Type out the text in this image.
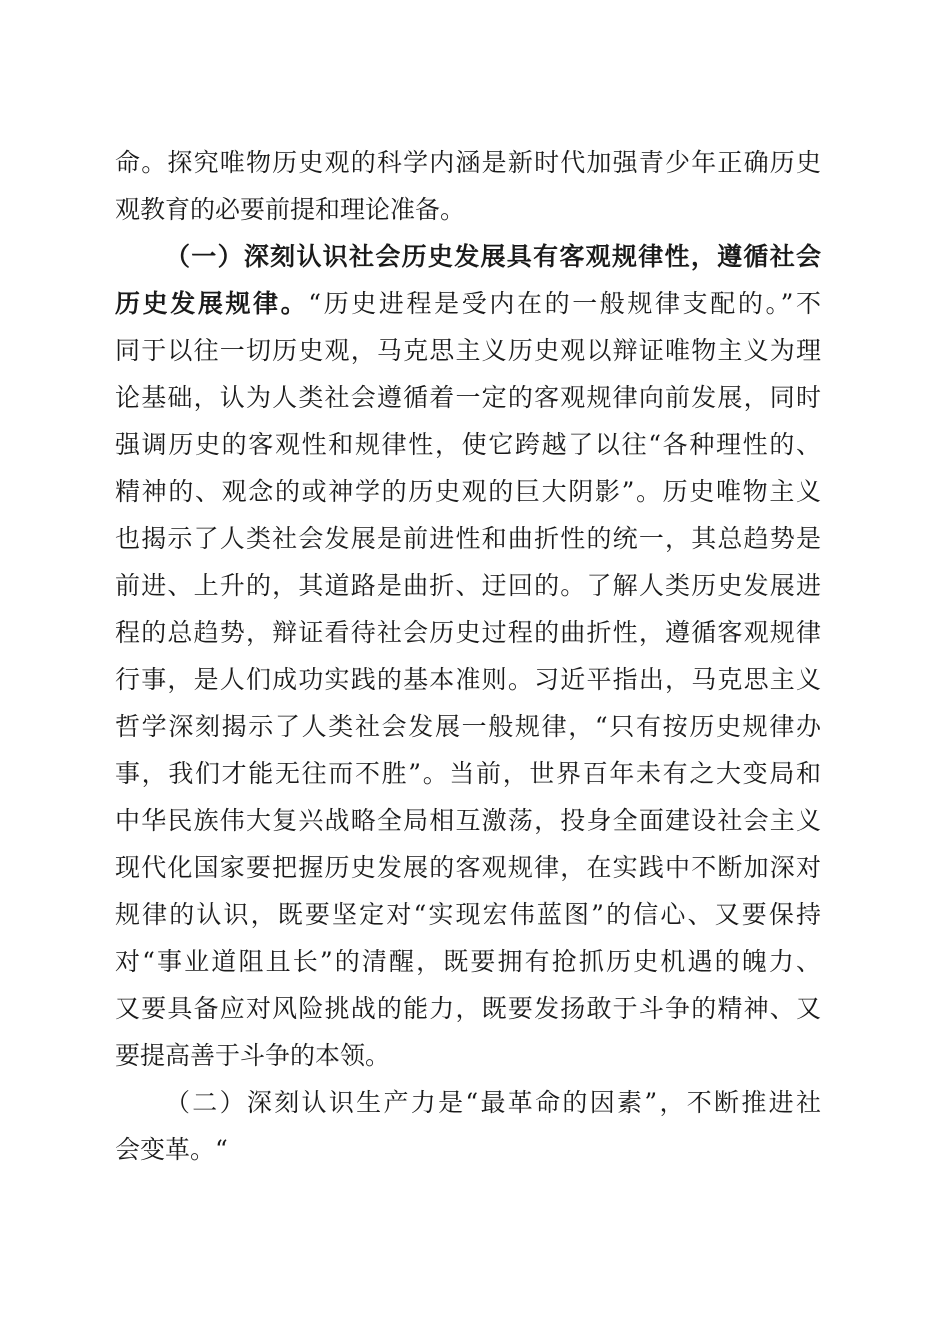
命。探究唯物历史观的科学内涵是新时代加强青少年正确历史
观教育的必要前提和理论准备。
（一）深刻认识社会历史发展具有客观规律性，遵循社会
历史发展规律。“历史进程是受内在的一般规律支配的。”不
同于以往一切历史观，马克思主义历史观以辩证唯物主义为理
论基础，认为人类社会遵循着一定的客观规律向前发展，同时
强调历史的客观性和规律性，使它跨越了以往“各种理性的、
精神的、观念的或神学的历史观的巨大阴影”。历史唯物主义
也揭示了人类社会发展是前进性和曲折性的统一，其总趋势是
前进、上升的，其道路是曲折、迂回的。了解人类历史发展进
程的总趋势，辩证看待社会历史过程的曲折性，遵循客观规律
行事，是人们成功实践的基本准则。习近平指出，马克思主义
哲学深刻揭示了人类社会发展一般规律，“只有按历史规律办
事，我们才能无往而不胜”。当前，世界百年未有之大变局和
中华民族伟大复兴战略全局相互激荡，投身全面建设社会主义
现代化国家要把握历史发展的客观规律，在实践中不断加深对
规律的认识，既要坚定对“实现宏伟蓝图”的信心、又要保持
对“事业道阻且长”的清醒，既要拥有抢抓历史机遇的魄力、
又要具备应对风险挑战的能力，既要发扬敢于斗争的精神、又
要提高善于斗争的本领。
（二）深刻认识生产力是“最革命的因素”，不断推进社
会变革。“
